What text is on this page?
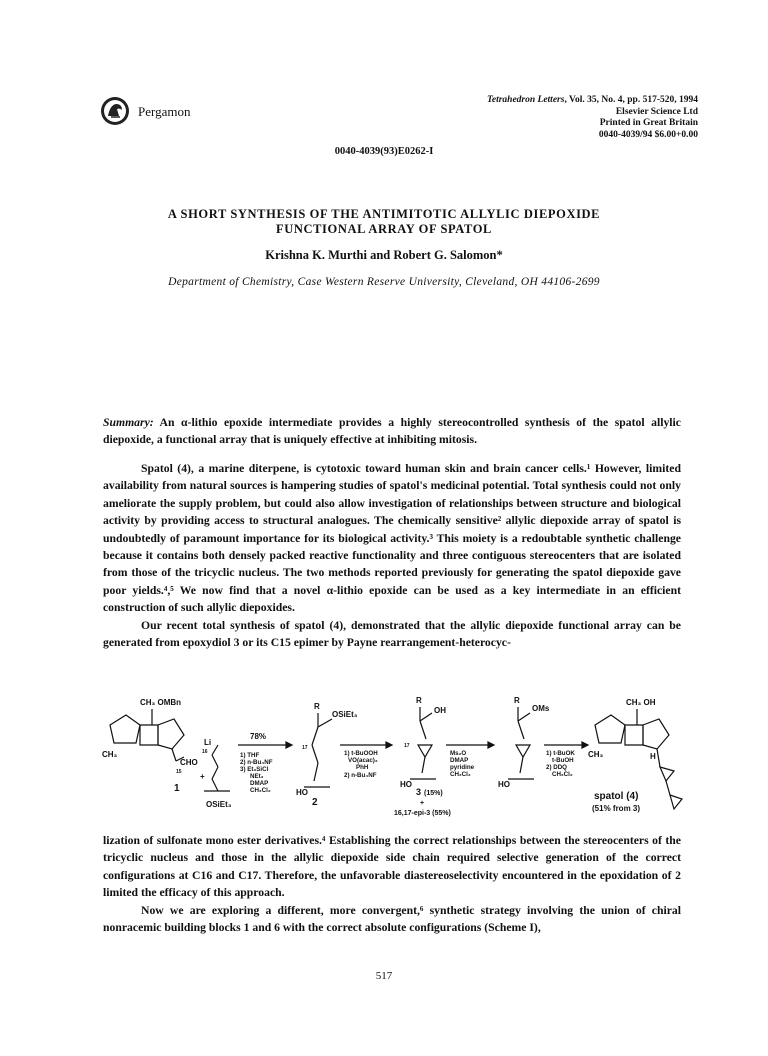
Pergamon
Tetrahedron Letters, Vol. 35, No. 4, pp. 517-520, 1994
Elsevier Science Ltd
Printed in Great Britain
0040-4039/94 $6.00+0.00
0040-4039(93)E0262-I
A SHORT SYNTHESIS OF THE ANTIMITOTIC ALLYLIC DIEPOXIDE
FUNCTIONAL ARRAY OF SPATOL
Krishna K. Murthi and Robert G. Salomon*
Department of Chemistry, Case Western Reserve University, Cleveland, OH 44106-2699
Summary: An α-lithio epoxide intermediate provides a highly stereocontrolled synthesis of the spatol allylic diepoxide, a functional array that is uniquely effective at inhibiting mitosis.
Spatol (4), a marine diterpene, is cytotoxic toward human skin and brain cancer cells.¹ However, limited availability from natural sources is hampering studies of spatol's medicinal potential. Total synthesis could not only ameliorate the supply problem, but could also allow investigation of relationships between structure and biological activity by providing access to structural analogues. The chemically sensitive² allylic diepoxide array of spatol is undoubtedly of paramount importance for its biological activity.³ This moiety is a redoubtable synthetic challenge because it contains both densely packed reactive functionality and three contiguous stereocenters that are isolated from those of the tricyclic nucleus. The two methods reported previously for generating the spatol diepoxide gave poor yields.⁴,⁵ We now find that a novel α-lithio epoxide can be used as a key intermediate in an efficient construction of such allylic diepoxides.
Our recent total synthesis of spatol (4), demonstrated that the allylic diepoxide functional array can be generated from epoxydiol 3 or its C15 epimer by Payne rearrangement-heterocyc-
CH₃ OMBn
CH₃
CHO
15
1
Li
16
+
OSiEt₃
78%
1) THF
2) n-Bu₄NF
3) Et₃SiCl
NEt₃
DMAP
CH₂Cl₂
R
OSiEt₃
17
HO
2
1) t-BuOOH
VO(acac)₂
PhH
2) n-Bu₄NF
R
OH
17
HO
3 (15%)
+
16,17-epi-3 (55%)
Ms₂O
DMAP
pyridine
CH₂Cl₂
R
OMs
HO
1) t-BuOK
t-BuOH
2) DDQ
CH₂Cl₂
CH₃ OH
CH₃	H
spatol (4)
(51% from 3)
lization of sulfonate mono ester derivatives.⁴ Establishing the correct relationships between the stereocenters of the tricyclic nucleus and those in the allylic diepoxide side chain required selective generation of the correct configurations at C16 and C17. Therefore, the unfavorable diastereoselectivity encountered in the epoxidation of 2 limited the efficacy of this approach.
Now we are exploring a different, more convergent,⁶ synthetic strategy involving the union of chiral nonracemic building blocks 1 and 6 with the correct absolute configurations (Scheme I),
517
